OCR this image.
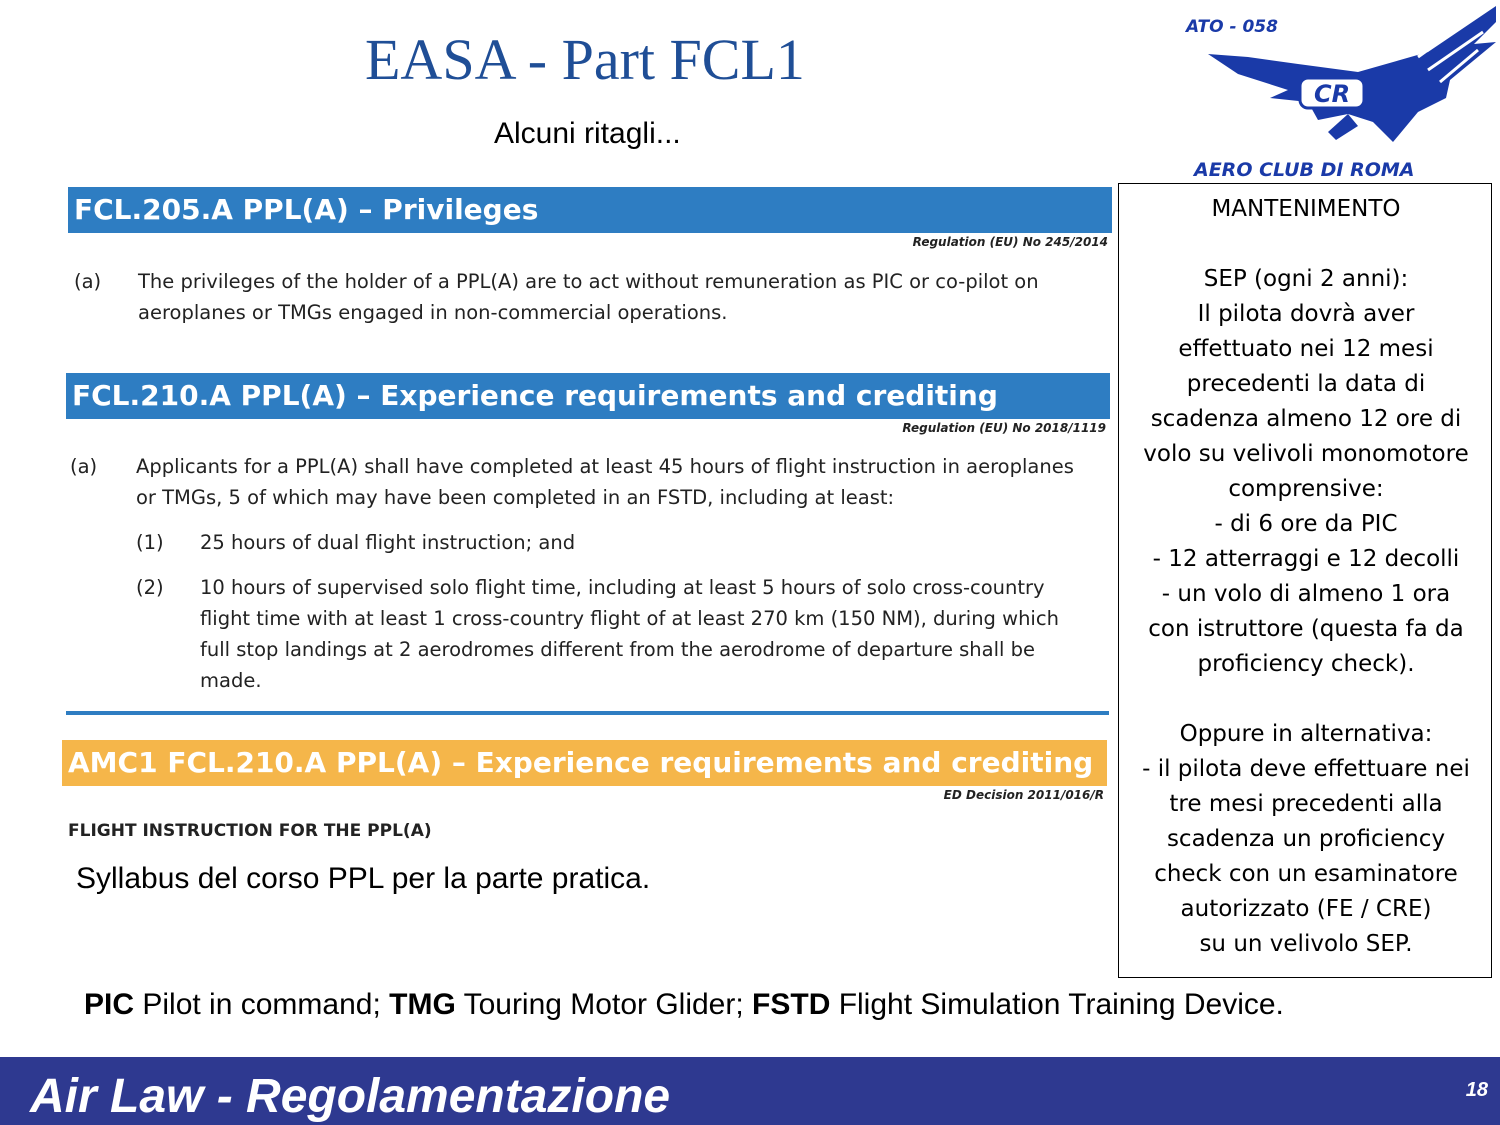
EASA - Part FCL1
Alcuni ritagli...
ATO - 058
CR
AERO CLUB DI ROMA
FCL.205.A PPL(A) – Privileges
Regulation (EU) No 245/2014
(a) The privileges of the holder of a PPL(A) are to act without remuneration as PIC or co-pilot on
aeroplanes or TMGs engaged in non-commercial operations.
FCL.210.A PPL(A) – Experience requirements and crediting
Regulation (EU) No 2018/1119
(a) Applicants for a PPL(A) shall have completed at least 45 hours of flight instruction in aeroplanes
or TMGs, 5 of which may have been completed in an FSTD, including at least:
(1) 25 hours of dual flight instruction; and
(2) 10 hours of supervised solo flight time, including at least 5 hours of solo cross-country
flight time with at least 1 cross-country flight of at least 270 km (150 NM), during which
full stop landings at 2 aerodromes different from the aerodrome of departure shall be
made.
AMC1 FCL.210.A PPL(A) – Experience requirements and crediting
ED Decision 2011/016/R
FLIGHT INSTRUCTION FOR THE PPL(A)
Syllabus del corso PPL per la parte pratica.
MANTENIMENTO
SEP (ogni 2 anni):
Il pilota dovrà aver
effettuato nei 12 mesi
precedenti la data di
scadenza almeno 12 ore di
volo su velivoli monomotore
comprensive:
- di 6 ore da PIC
- 12 atterraggi e 12 decolli
- un volo di almeno 1 ora
con istruttore (questa fa da
proficiency check).
Oppure in alternativa:
- il pilota deve effettuare nei
tre mesi precedenti alla
scadenza un proficiency
check con un esaminatore
autorizzato (FE / CRE)
su un velivolo SEP.
PIC Pilot in command; TMG Touring Motor Glider; FSTD Flight Simulation Training Device.
Air Law - Regolamentazione	18
